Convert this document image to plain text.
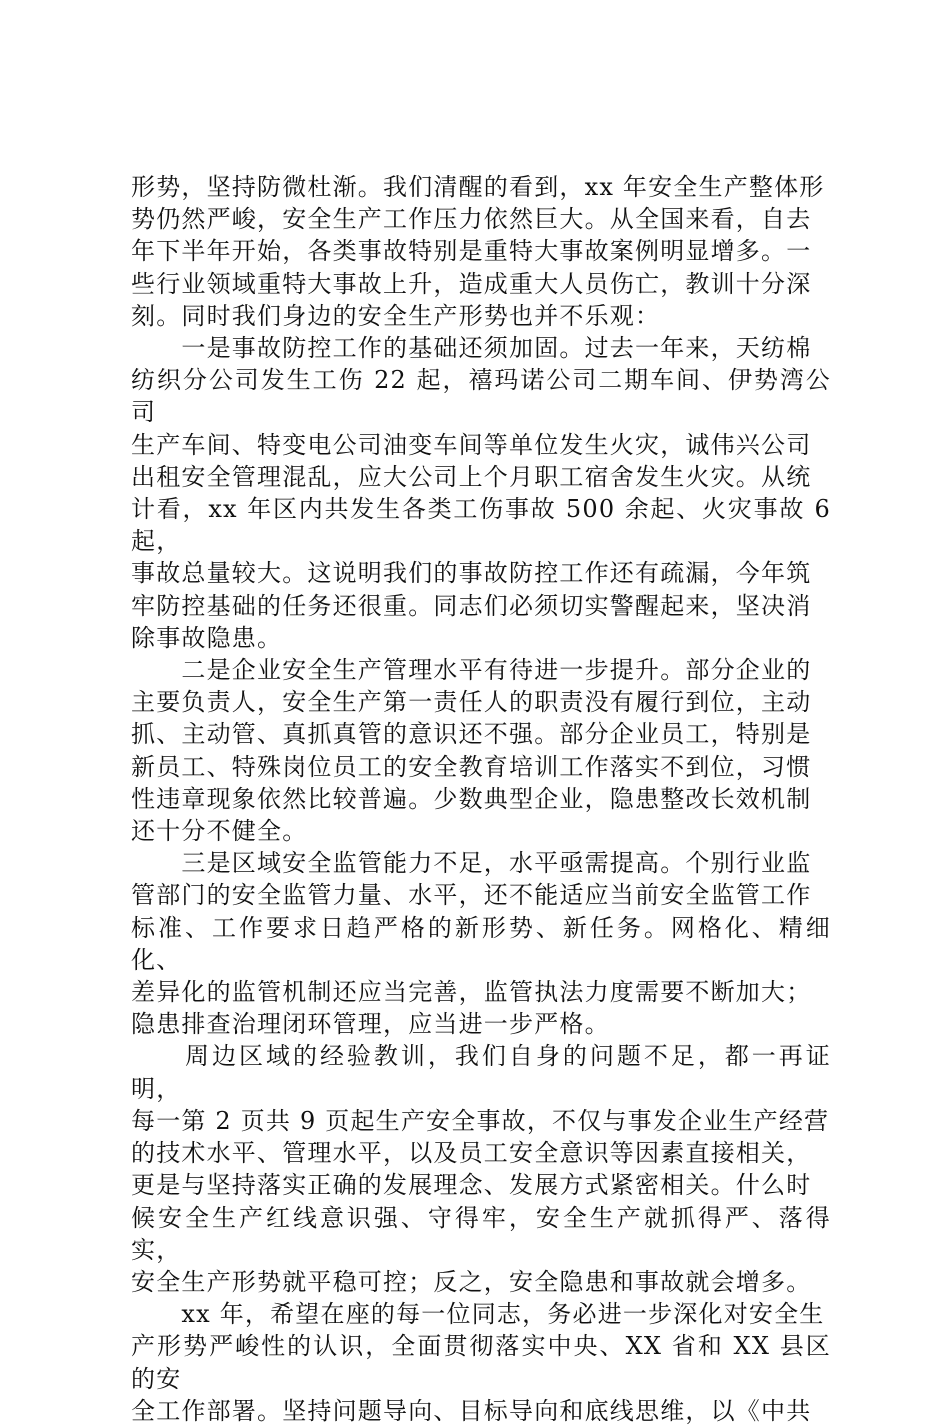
形势，坚持防微杜渐。我们清醒的看到，xx 年安全生产整体形

势仍然严峻，安全生产工作压力依然巨大。从全国来看，自去

年下半年开始，各类事故特别是重特大事故案例明显增多。一

些行业领域重特大事故上升，造成重大人员伤亡，教训十分深

刻。同时我们身边的安全生产形势也并不乐观：

　　一是事故防控工作的基础还须加固。过去一年来，天纺棉

纺织分公司发生工伤 22 起，禧玛诺公司二期车间、伊势湾公司

生产车间、特变电公司油变车间等单位发生火灾，诚伟兴公司

出租安全管理混乱，应大公司上个月职工宿舍发生火灾。从统

计看，xx 年区内共发生各类工伤事故 500 余起、火灾事故 6 起，

事故总量较大。这说明我们的事故防控工作还有疏漏，今年筑

牢防控基础的任务还很重。同志们必须切实警醒起来，坚决消

除事故隐患。

　　二是企业安全生产管理水平有待进一步提升。部分企业的

主要负责人，安全生产第一责任人的职责没有履行到位，主动

抓、主动管、真抓真管的意识还不强。部分企业员工，特别是

新员工、特殊岗位员工的安全教育培训工作落实不到位，习惯

性违章现象依然比较普遍。少数典型企业，隐患整改长效机制

还十分不健全。

　　三是区域安全监管能力不足，水平亟需提高。个别行业监

管部门的安全监管力量、水平，还不能适应当前安全监管工作

标准、工作要求日趋严格的新形势、新任务。网格化、精细化、

差异化的监管机制还应当完善，监管执法力度需要不断加大；

隐患排查治理闭环管理，应当进一步严格。

　　周边区域的经验教训，我们自身的问题不足，都一再证明，

每一第 2 页共 9 页起生产安全事故，不仅与事发企业生产经营

的技术水平、管理水平，以及员工安全意识等因素直接相关，

更是与坚持落实正确的发展理念、发展方式紧密相关。什么时

候安全生产红线意识强、守得牢，安全生产就抓得严、落得实，

安全生产形势就平稳可控；反之，安全隐患和事故就会增多。

　　xx 年，希望在座的每一位同志，务必进一步深化对安全生

产形势严峻性的认识，全面贯彻落实中央、XX 省和 XX 县区的安

全工作部署。坚持问题导向、目标导向和底线思维，以《中共
